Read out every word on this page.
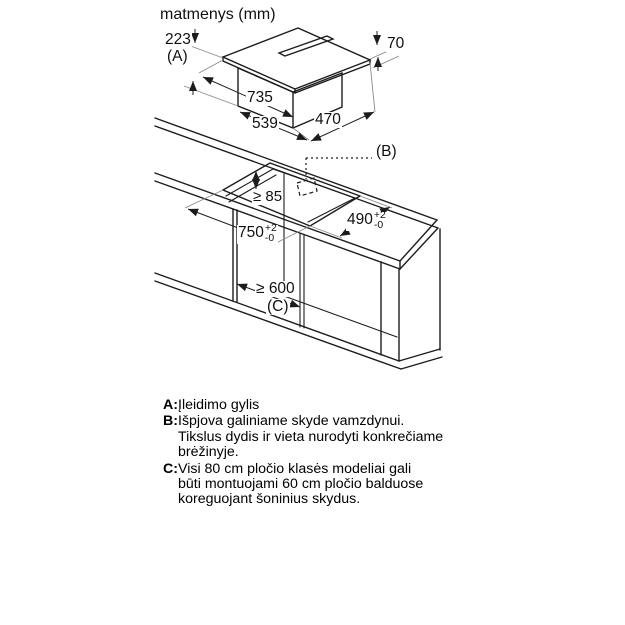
matmenys (mm)
223
(A)
70
735
539 470
(B)
≥ 85
490 +2
-0
750 +2
-0
≥ 600
(C)
A: Įleidimo gylis
B: Išpjova galiniame skyde vamzdynui.
Tikslus dydis ir vieta nurodyti konkrečiame
brėžinyje.
C: Visi 80 cm pločio klasės modeliai gali
būti montuojami 60 cm pločio balduose
koreguojant šoninius skydus.
